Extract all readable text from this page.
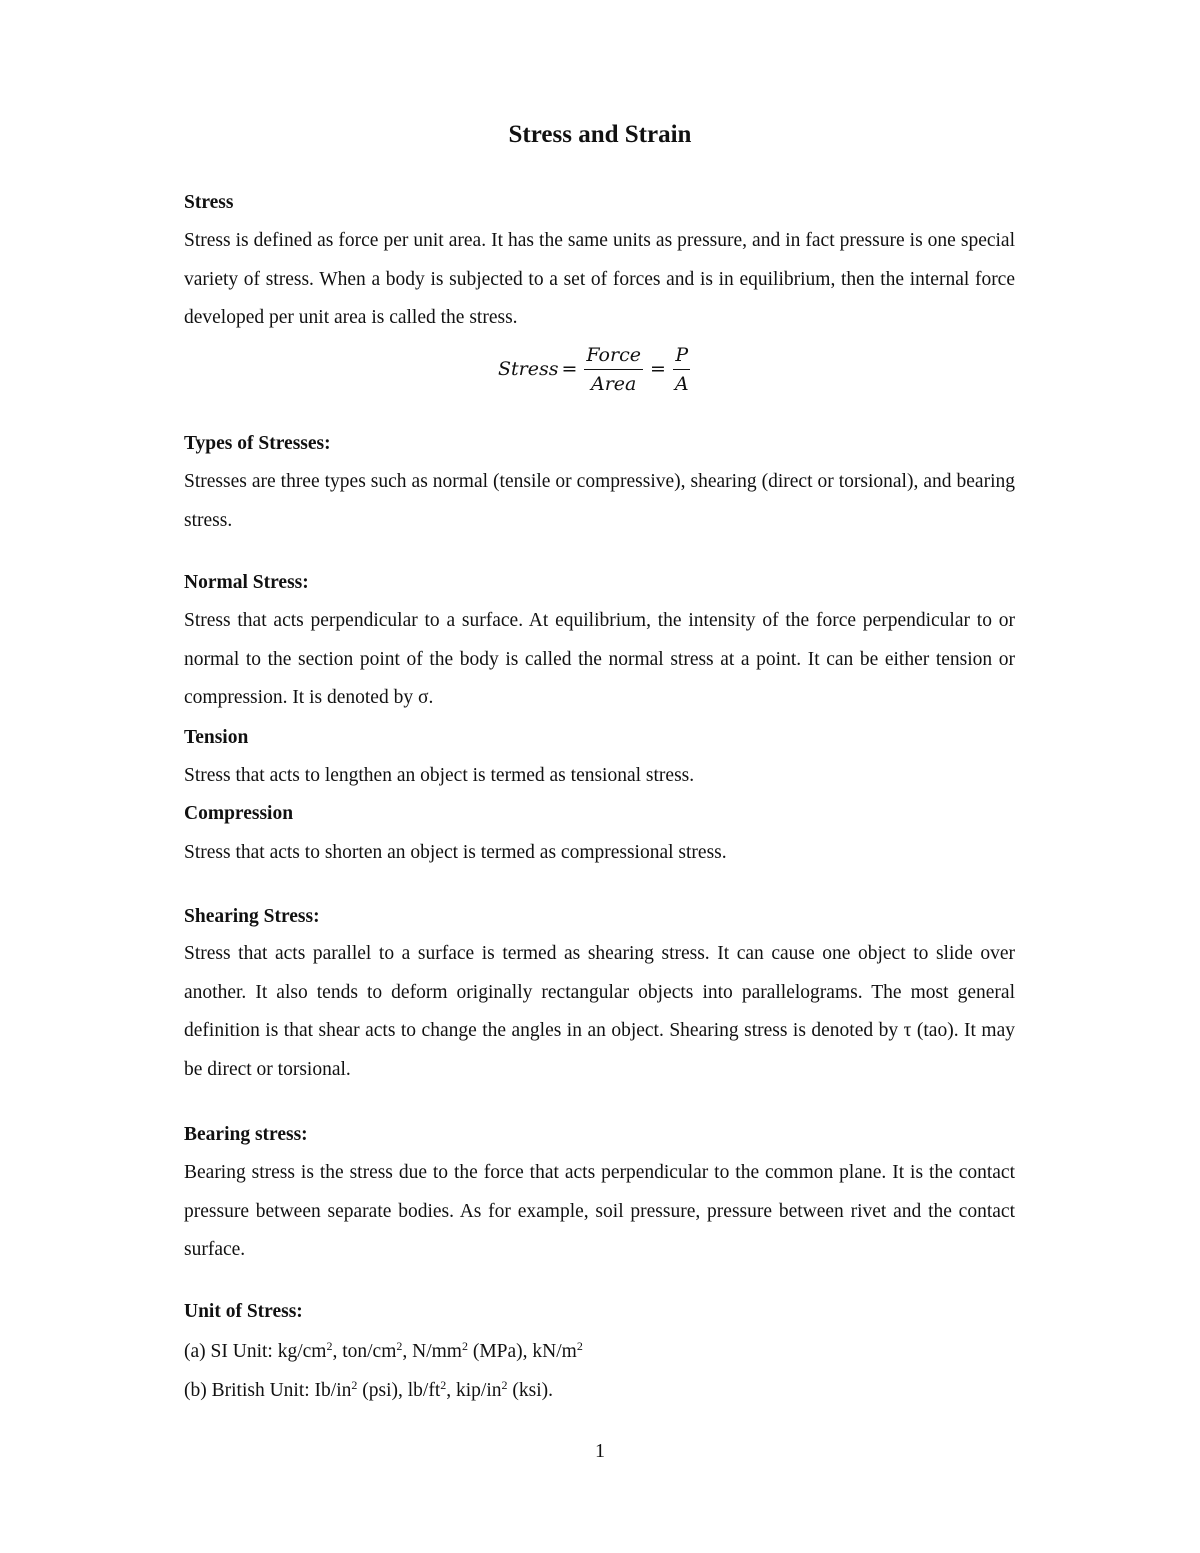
Stress and Strain
Stress

Stress is defined as force per unit area. It has the same units as pressure, and in fact pressure is one special variety of stress. When a body is subjected to a set of forces and is in equilibrium, then the internal force developed per unit area is called the stress.

Stress = $\frac{\text{Force}}{\text{Area}} = \frac{P}{A}$
Types of Stresses:

Stresses are three types such as normal (tensile or compressive), shearing (direct or torsional), and bearing stress.

Normal Stress:

Stress that acts perpendicular to a surface. At equilibrium, the intensity of the force perpendicular to or normal to the section point of the body is called the normal stress at a point. It can be either tension or compression. It is denoted by σ.

Tension

Stress that acts to lengthen an object is termed as tensional stress.

Compression

Stress that acts to shorten an object is termed as compressional stress.

Shearing Stress:

Stress that acts parallel to a surface is termed as shearing stress. It can cause one object to slide over another. It also tends to deform originally rectangular objects into parallelograms. The most general definition is that shear acts to change the angles in an object. Shearing stress is denoted by τ (tao). It may be direct or torsional.

Bearing stress:

Bearing stress is the stress due to the force that acts perpendicular to the common plane. It is the contact pressure between separate bodies. As for example, soil pressure, pressure between rivet and the contact surface.

Unit of Stress:

(a) SI Unit: $kg/cm^2$, ton/$cm^2$, $N/mm^2$ (MPa), $kN/m^2$

(b) British Unit: $Ib/in^2$ (psi), $lb/ft^2$, kip/$in^2$ (ksi).

1
